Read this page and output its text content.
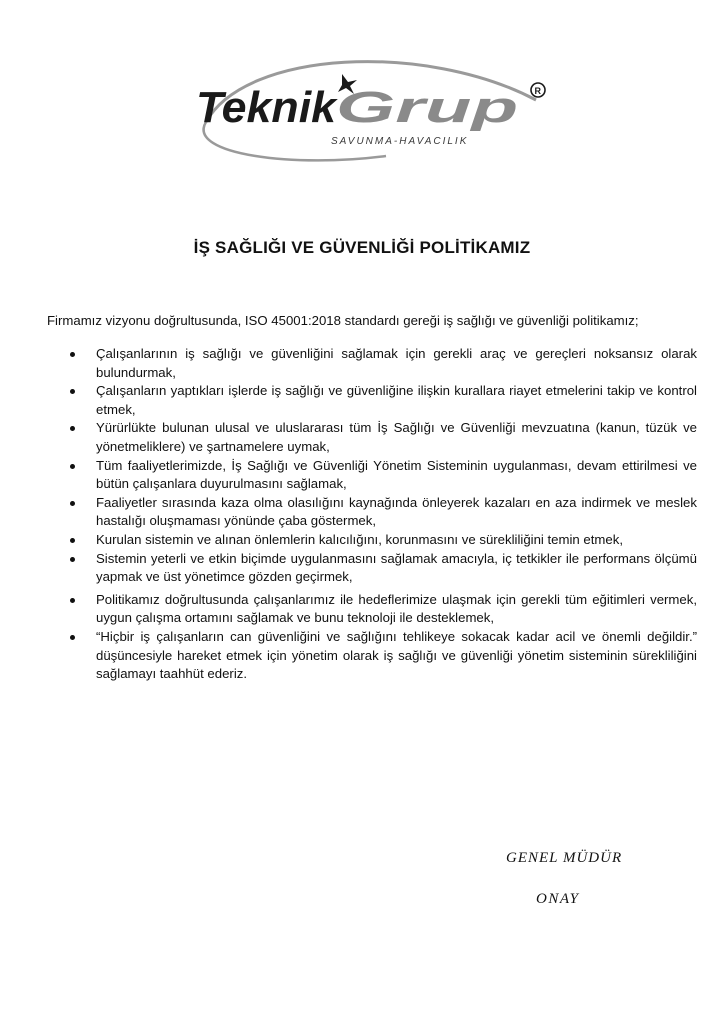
Teknik
Grup R
SAVUNMA-HAVACILIK
İŞ SAĞLIĞI VE GÜVENLİĞİ POLİTİKAMIZ
Firmamız vizyonu doğrultusunda, ISO 45001:2018 standardı gereği iş sağlığı ve güvenliği politikamız;
Çalışanlarının iş sağlığı ve güvenliğini sağlamak için gerekli araç ve gereçleri noksansız olarak bulundurmak,
Çalışanların yaptıkları işlerde iş sağlığı ve güvenliğine ilişkin kurallara riayet etmelerini takip ve kontrol etmek,
Yürürlükte bulunan ulusal ve uluslararası tüm İş Sağlığı ve Güvenliği mevzuatına (kanun, tüzük ve yönetmeliklere) ve şartnamelere uymak,
Tüm faaliyetlerimizde, İş Sağlığı ve Güvenliği Yönetim Sisteminin uygulanması, devam ettirilmesi ve bütün çalışanlara duyurulmasını sağlamak,
Faaliyetler sırasında kaza olma olasılığını kaynağında önleyerek kazaları en aza indirmek ve meslek hastalığı oluşmaması yönünde çaba göstermek,
Kurulan sistemin ve alınan önlemlerin kalıcılığını, korunmasını ve sürekliliğini temin etmek,
Sistemin yeterli ve etkin biçimde uygulanmasını sağlamak amacıyla, iç tetkikler ile performans ölçümü yapmak ve üst yönetimce gözden geçirmek,
Politikamız doğrultusunda çalışanlarımız ile hedeflerimize ulaşmak için gerekli tüm eğitimleri vermek, uygun çalışma ortamını sağlamak ve bunu teknoloji ile desteklemek,
“Hiçbir iş çalışanların can güvenliğini ve sağlığını tehlikeye sokacak kadar acil ve önemli değildir.” düşüncesiyle hareket etmek için yönetim olarak iş sağlığı ve güvenliği yönetim sisteminin sürekliliğini sağlamayı taahhüt ederiz.
GENEL MÜDÜR
ONAY
